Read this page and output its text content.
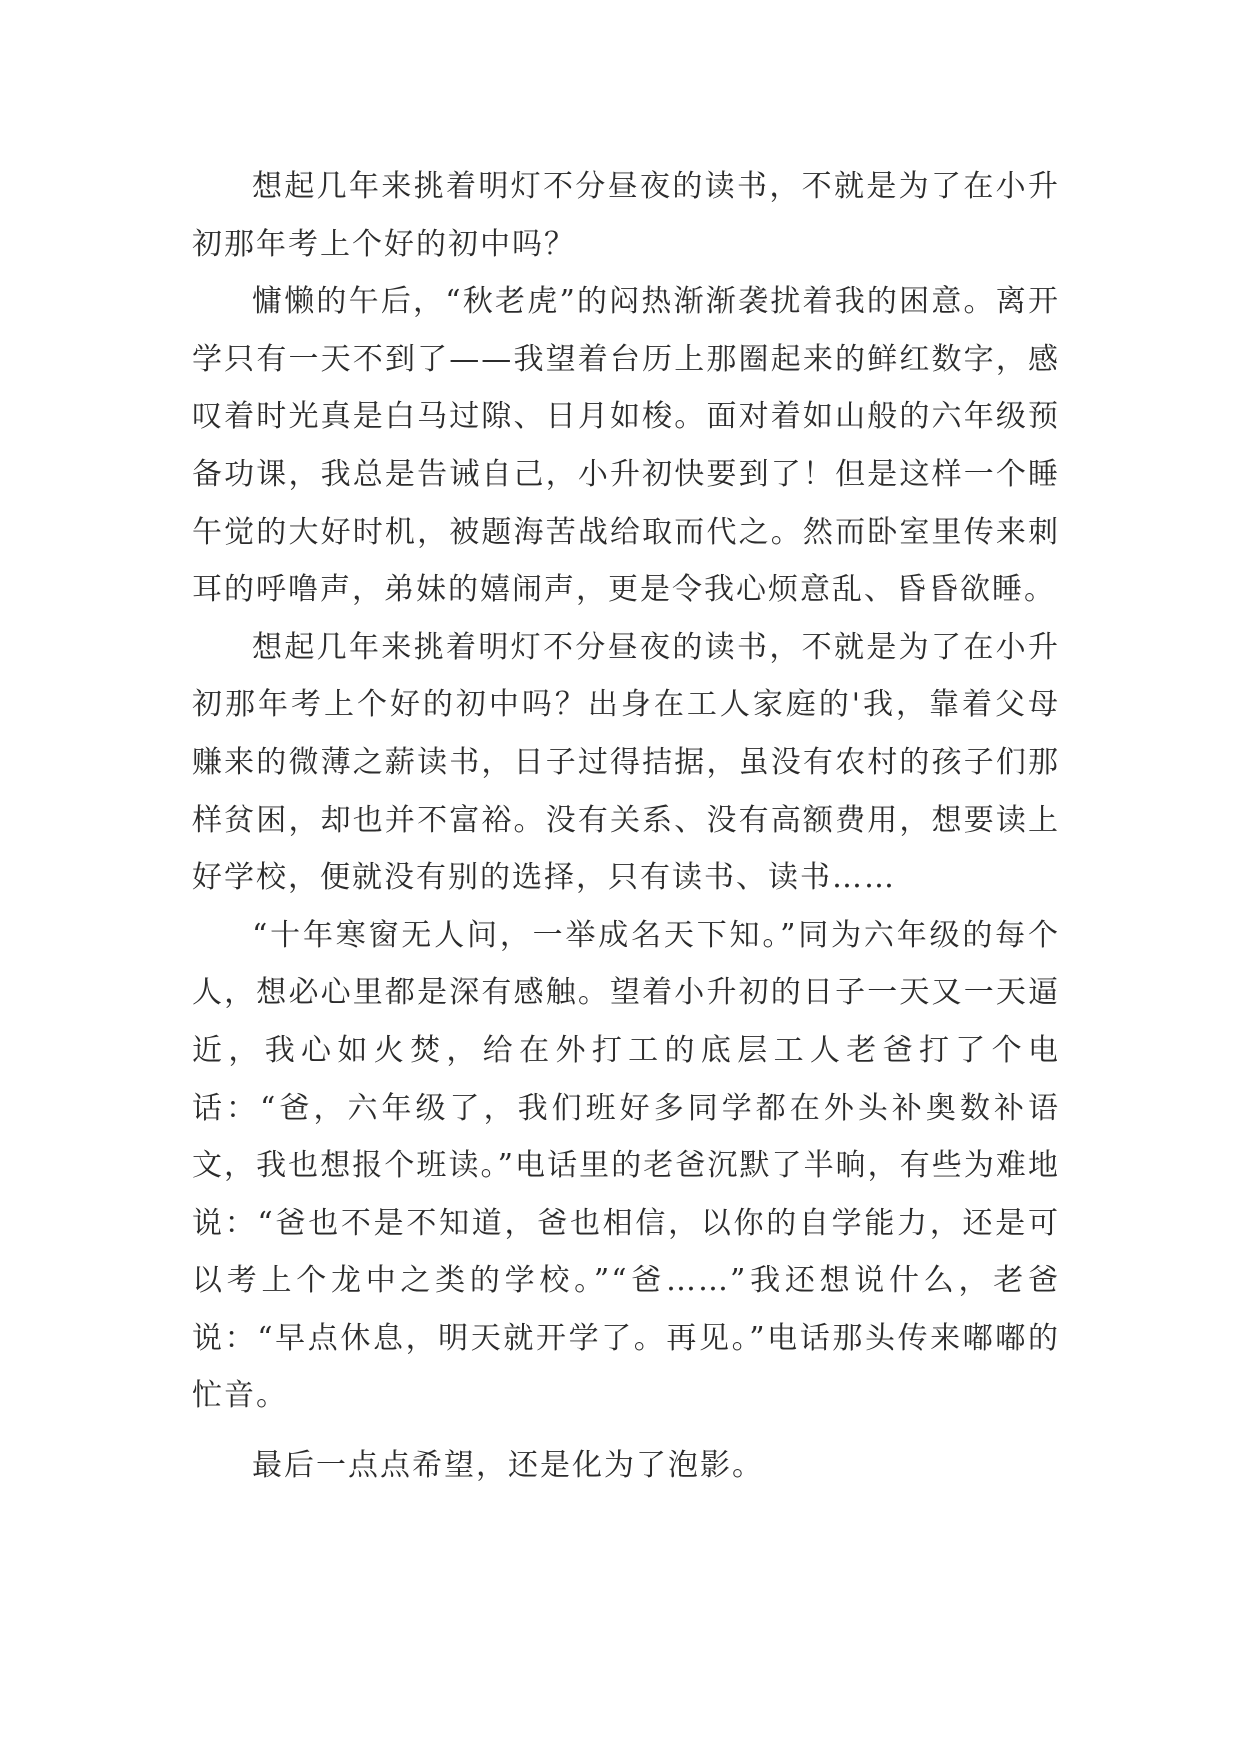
想起几年来挑着明灯不分昼夜的读书，不就是为了在小升初那年考上个好的初中吗？

慵懒的午后，“秋老虎”的闷热渐渐袭扰着我的困意。离开学只有一天不到了——我望着台历上那圈起来的鲜红数字，感叹着时光真是白马过隙、日月如梭。面对着如山般的六年级预备功课，我总是告诫自己，小升初快要到了！但是这样一个睡午觉的大好时机，被题海苦战给取而代之。然而卧室里传来刺耳的呼噜声，弟妹的嬉闹声，更是令我心烦意乱、昏昏欲睡。

想起几年来挑着明灯不分昼夜的读书，不就是为了在小升初那年考上个好的初中吗？出身在工人家庭的'我，靠着父母赚来的微薄之薪读书，日子过得拮据，虽没有农村的孩子们那样贫困，却也并不富裕。没有关系、没有高额费用，想要读上好学校，便就没有别的选择，只有读书、读书……

“十年寒窗无人问，一举成名天下知。”同为六年级的每个人，想必心里都是深有感触。望着小升初的日子一天又一天逼近，我心如火焚，给在外打工的底层工人老爸打了个电话：“爸，六年级了，我们班好多同学都在外头补奥数补语文，我也想报个班读。”电话里的老爸沉默了半晌，有些为难地说：“爸也不是不知道，爸也相信，以你的自学能力，还是可以考上个龙中之类的学校。”“爸……”我还想说什么，老爸说：“早点休息，明天就开学了。再见。”电话那头传来嘟嘟的忙音。

最后一点点希望，还是化为了泡影。
